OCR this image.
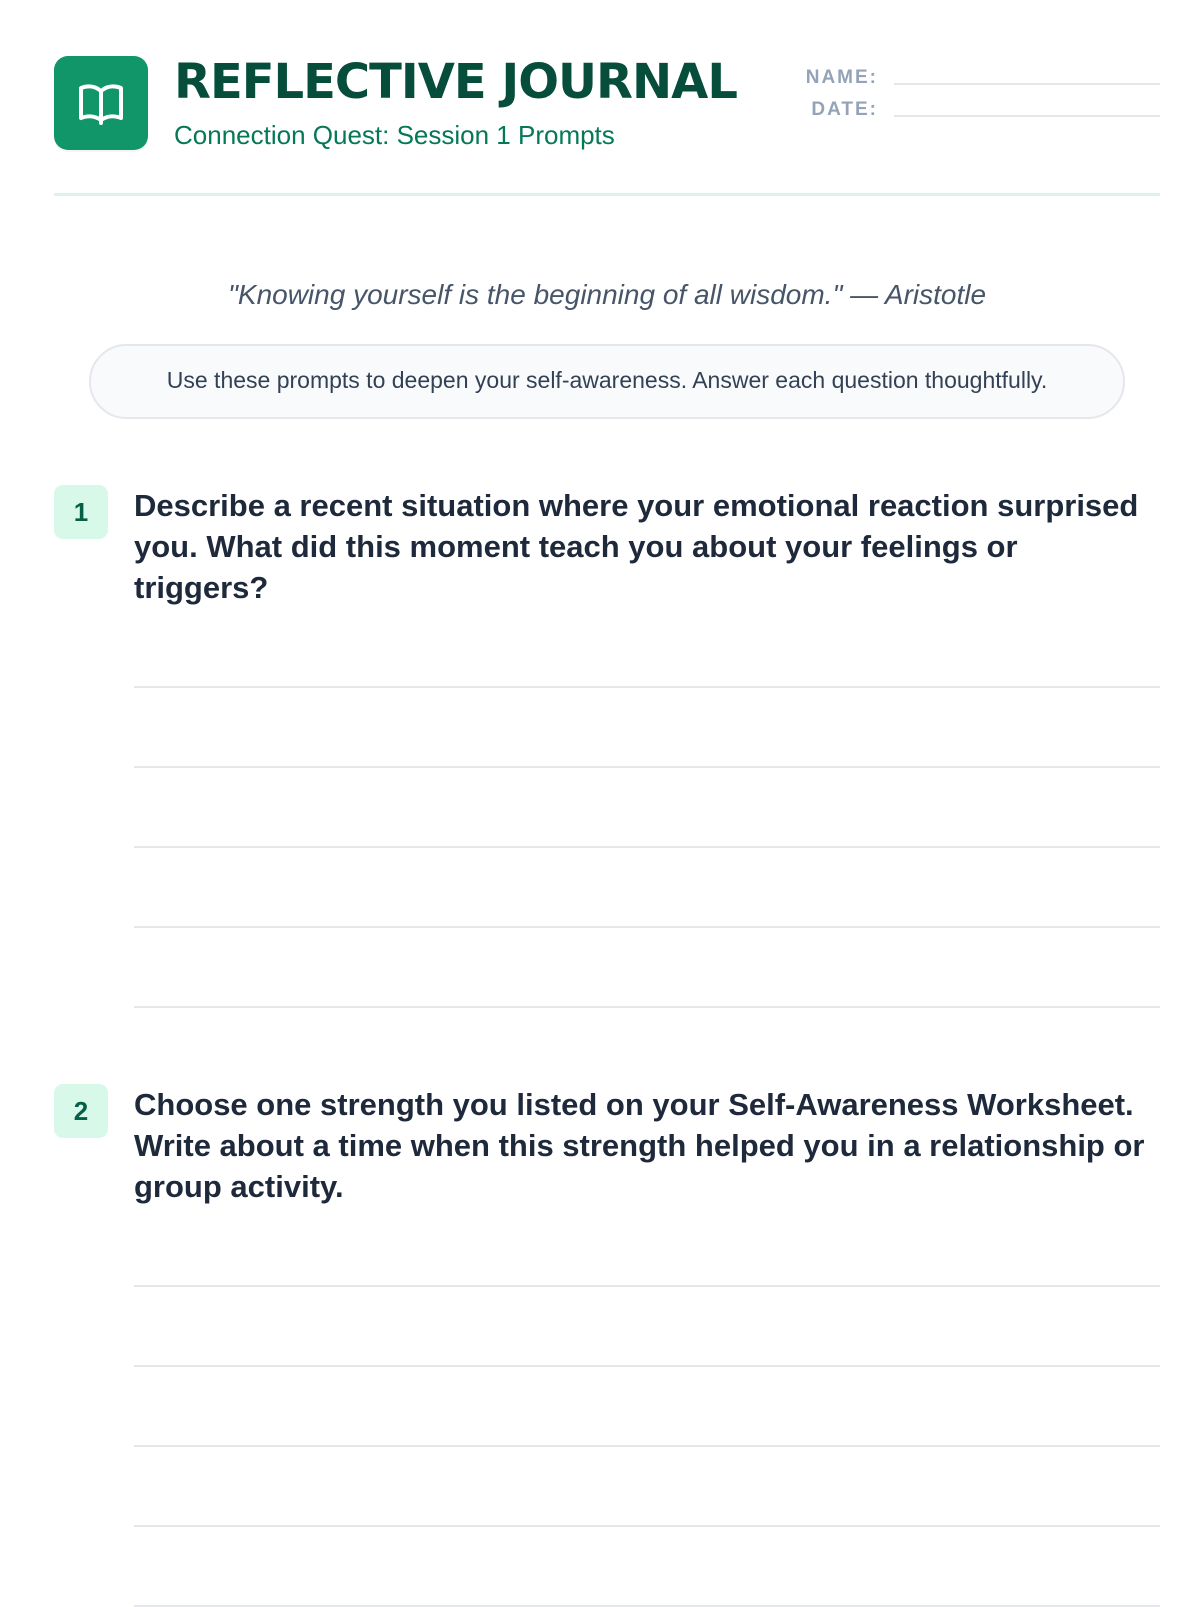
REFLECTIVE JOURNAL
Connection Quest: Session 1 Prompts
NAME:
DATE:

"Knowing yourself is the beginning of all wisdom." — Aristotle

Use these prompts to deepen your self-awareness. Answer each question thoughtfully.
1	Describe a recent situation where your emotional reaction surprised you. What did this moment teach you about your feelings or triggers?

2	Choose one strength you listed on your Self-Awareness Worksheet. Write about a time when this strength helped you in a relationship or group activity.
